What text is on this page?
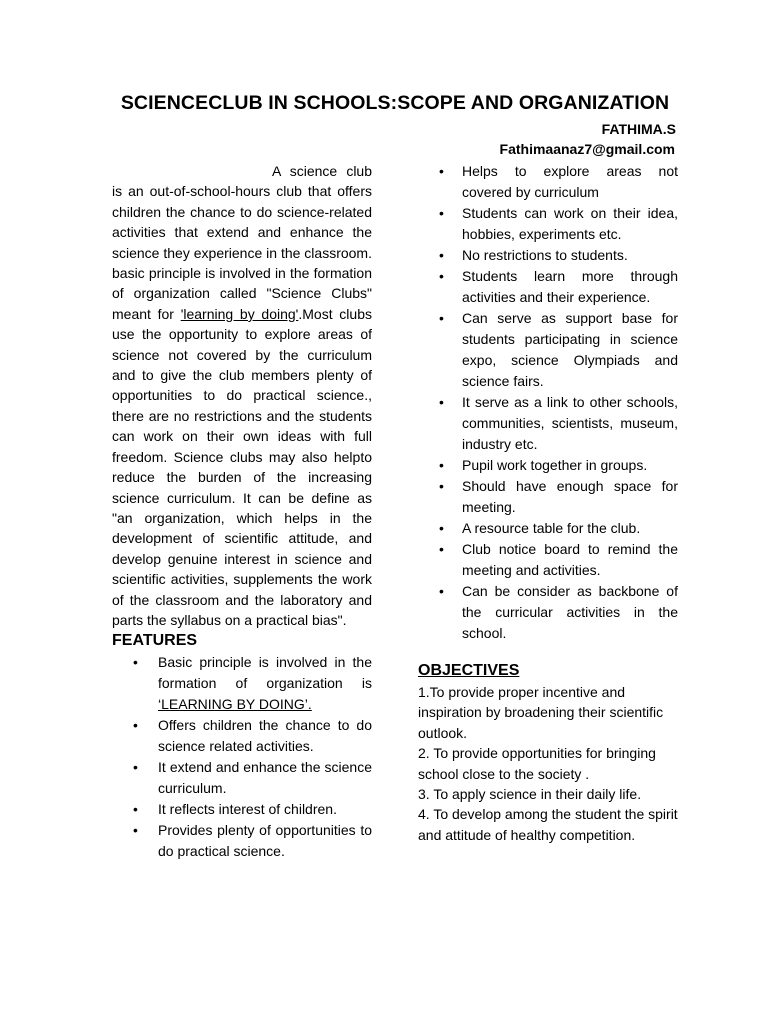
SCIENCECLUB IN SCHOOLS:SCOPE AND ORGANIZATION
FATHIMA.S
Fathimaanaz7@gmail.com

A science club is an out-of-school-hours club that offers children the chance to do science-related activities that extend and enhance the science they experience in the classroom. basic principle is involved in the formation of organization called "Science Clubs" meant for 'learning by doing'.Most clubs use the opportunity to explore areas of science not covered by the curriculum and to give the club members plenty of opportunities to do practical science., there are no restrictions and the students can work on their own ideas with full freedom. Science clubs may also helpto reduce the burden of the increasing science curriculum. It can be define as "an organization, which helps in the development of scientific attitude, and develop genuine interest in science and scientific activities, supplements the work of the classroom and the laboratory and parts the syllabus on a practical bias".

FEATURES
• Basic principle is involved in the formation of organization is ‘LEARNING BY DOING’.
• Offers children the chance to do science related activities.
• It extend and enhance the science curriculum.
• It reflects interest of children.
• Provides plenty of opportunities to do practical science.
• Helps to explore areas not covered by curriculum
• Students can work on their idea, hobbies, experiments etc.
• No restrictions to students.
• Students learn more through activities and their experience.
• Can serve as support base for students participating in science expo, science Olympiads and science fairs.
• It serve as a link to other schools, communities, scientists, museum, industry etc.
• Pupil work together in groups.
• Should have enough space for meeting.
• A resource table for the club.
• Club notice board to remind the meeting and activities.
• Can be consider as backbone of the curricular activities in the school.
OBJECTIVES

1.To provide proper incentive and inspiration by broadening their scientific outlook.

2. To provide opportunities for bringing school close to the society .

3. To apply science in their daily life.

4. To develop among the student the spirit and attitude of healthy competition.
